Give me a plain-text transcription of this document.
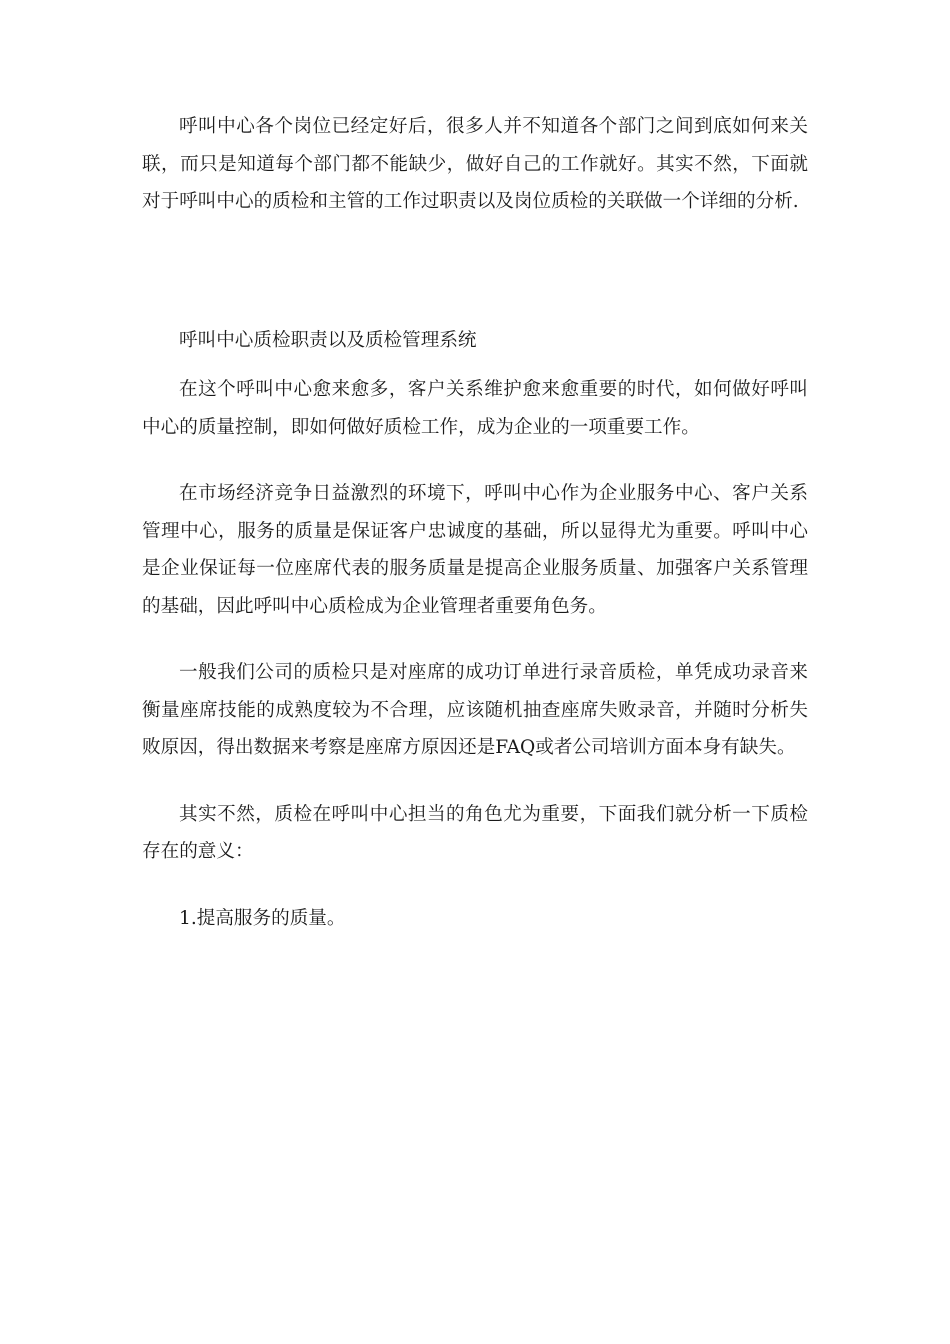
呼叫中心各个岗位已经定好后，很多人并不知道各个部门之间到底如何来关联，而只是知道每个部门都不能缺少，做好自己的工作就好。其实不然，下面就对于呼叫中心的质检和主管的工作过职责以及岗位质检的关联做一个详细的分析.

呼叫中心质检职责以及质检管理系统

在这个呼叫中心愈来愈多，客户关系维护愈来愈重要的时代，如何做好呼叫中心的质量控制，即如何做好质检工作，成为企业的一项重要工作。

在市场经济竞争日益激烈的环境下，呼叫中心作为企业服务中心、客户关系管理中心，服务的质量是保证客户忠诚度的基础，所以显得尤为重要。呼叫中心是企业保证每一位座席代表的服务质量是提高企业服务质量、加强客户关系管理的基础，因此呼叫中心质检成为企业管理者重要角色务。

一般我们公司的质检只是对座席的成功订单进行录音质检，单凭成功录音来衡量座席技能的成熟度较为不合理，应该随机抽查座席失败录音，并随时分析失败原因，得出数据来考察是座席方原因还是FAQ或者公司培训方面本身有缺失。

其实不然，质检在呼叫中心担当的角色尤为重要，下面我们就分析一下质检存在的意义：

1.提高服务的质量。
